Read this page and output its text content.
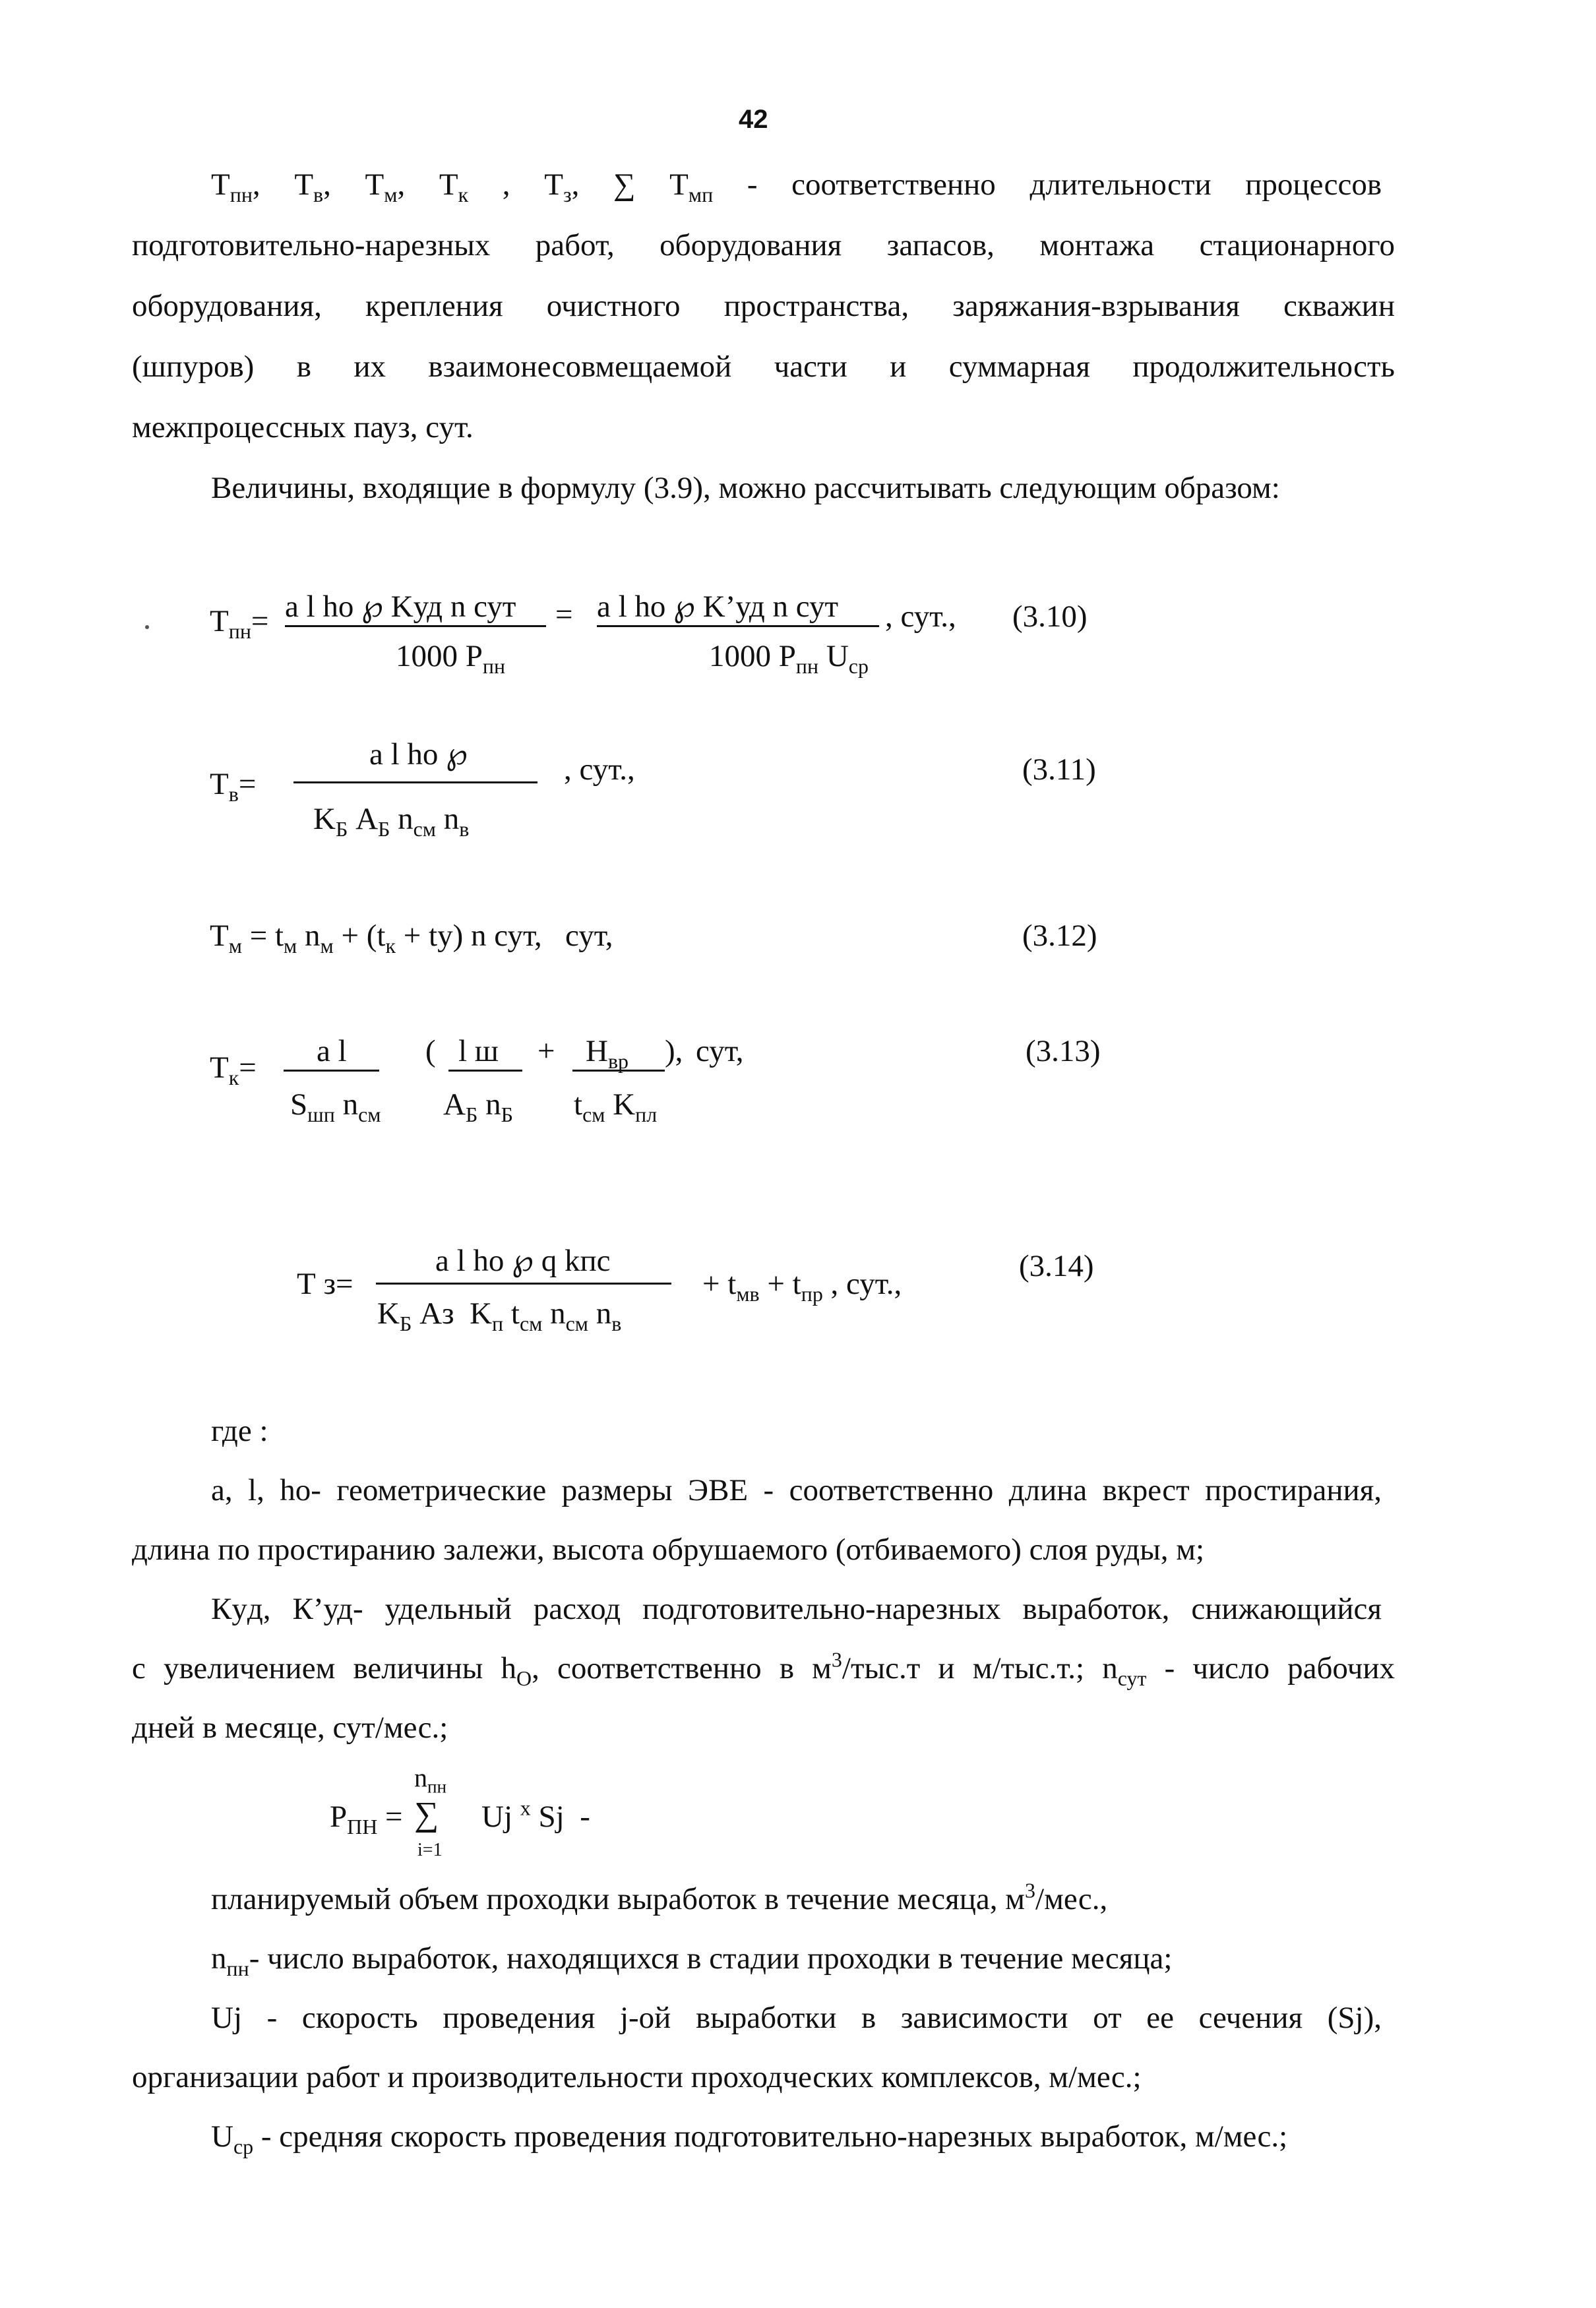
42
$Т_{пн}$, $Т_в$, $Т_м$, $Т_к$ , $Т_з$, ∑ $Т_{мп}$ - соответственно длительности процессов
подготовительно-нарезных работ, оборудования запасов, монтажа стационарного
оборудования, крепления очистного пространства, заряжания-взрывания скважин
(шпуров) в их взаимонесовмещаемой части и суммарная продолжительность
межпроцессных пауз, сут.
Величины, входящие в формулу (3.9), можно рассчитывать следующим образом:
$Т_{пн}= a$ l ho ℘ Kуд n сут = a l ho ℘ K’уд n сут
1000 $Р_{пн}$	1000 $Р_{пн}$ $U_{ср}$
, сут., (3.10)
$Т_в=$
a l ho ℘
$K_Б$ $A_Б$ $n_{см}$ $n_в$
, сут.,	(3.11)
$Т_м = t_м$ $n_м + (t_к + tу)$ n сут, сут,	(3.12)
$Т_к= a$ l
$S_{шп}$ $n_{см}$
( l $ш + H_{вр}$ ), сут,
$A_Б$ $n_Б$ $t_{см}$ $K_{пл}$
(3.13)
Т з=
a l ho ℘ q kпс
$K_Б$ Aз $K_п$ $t_{см}$ $n_{см}$ $n_в$
+ $t_{мв} + t_{пр}$ , сут.,
(3.14)
где :
a, l, ho- геометрические размеры ЭВЕ - соответственно длина вкрест простирания,
длина по простиранию залежи, высота обрушаемого (отбиваемого) слоя руды, м;
Кyд, К’уд- удельный расход подготовительно-нарезных выработок, снижающийся
с увеличением величины $h_O$, соответственно в $м^3/тыс.т$ и м/тыс.т.; $n_{сут}$ - число рабочих
дней в месяце, сут/мес.;
$n_{пн}$
$Р_{ПН}$ = ∑
i=1
Uj $^x$ Sj -
планируемый объем проходки выработок в течение месяца, $м^3$/мес.,
$n_{пн}-$ число выработок, находящихся в стадии проходки в течение месяца;
Uj - скорость проведения j-ой выработки в зависимости от ее сечения (Sj),
организации работ и производительности проходческих комплексов, м/мес.;
$U_{ср}$ - средняя скорость проведения подготовительно-нарезных выработок, м/мес.;
